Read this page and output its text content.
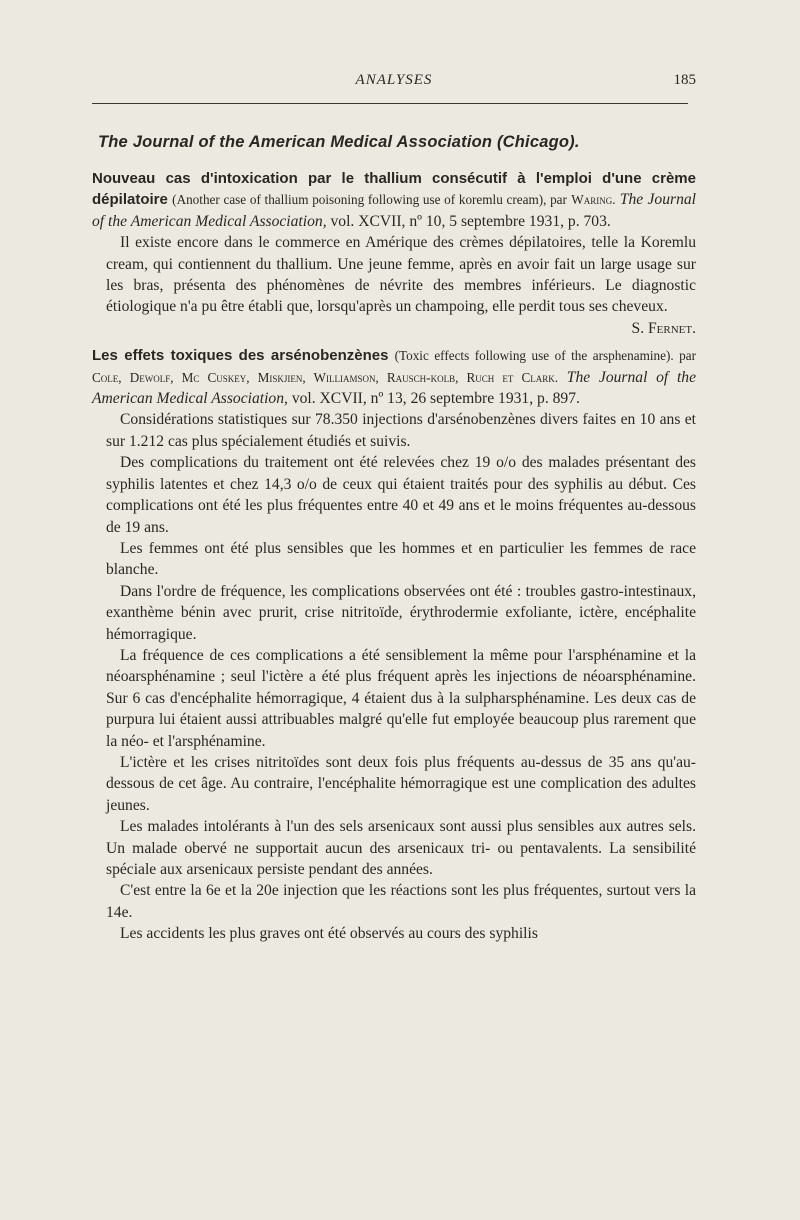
ANALYSES	185
The Journal of the American Medical Association (Chicago).

Nouveau cas d'intoxication par le thallium consécutif à l'emploi d'une crème dépilatoire (Another case of thallium poisoning following use of koremlu cream), par Waring. The Journal of the American Medical Association, vol. XCVII, nº 10, 5 septembre 1931, p. 703.

Il existe encore dans le commerce en Amérique des crèmes dépilatoires, telle la Koremlu cream, qui contiennent du thallium. Une jeune femme, après en avoir fait un large usage sur les bras, présenta des phénomènes de névrite des membres inférieurs. Le diagnostic étiologique n'a pu être établi que, lorsqu'après un champoing, elle perdit tous ses cheveux.

S. Fernet.

Les effets toxiques des arsénobenzènes (Toxic effects following use of the arsphenamine). par Cole, Dewolf, Mc Cuskey, Miskjien, Williamson, Rausch-kolb, Ruch et Clark. The Journal of the American Medical Association, vol. XCVII, nº 13, 26 septembre 1931, p. 897.

Considérations statistiques sur 78.350 injections d'arsénobenzènes divers faites en 10 ans et sur 1.212 cas plus spécialement étudiés et suivis.

Des complications du traitement ont été relevées chez 19 o/o des malades présentant des syphilis latentes et chez 14,3 o/o de ceux qui étaient traités pour des syphilis au début. Ces complications ont été les plus fréquentes entre 40 et 49 ans et le moins fréquentes au-dessous de 19 ans.

Les femmes ont été plus sensibles que les hommes et en particulier les femmes de race blanche.

Dans l'ordre de fréquence, les complications observées ont été : troubles gastro-intestinaux, exanthème bénin avec prurit, crise nitritoïde, érythrodermie exfoliante, ictère, encéphalite hémorragique.

La fréquence de ces complications a été sensiblement la même pour l'arsphénamine et la néoarsphénamine ; seul l'ictère a été plus fréquent après les injections de néoarsphénamine. Sur 6 cas d'encéphalite hémorragique, 4 étaient dus à la sulpharsphénamine. Les deux cas de purpura lui étaient aussi attribuables malgré qu'elle fut employée beaucoup plus rarement que la néo- et l'arsphénamine.

L'ictère et les crises nitritoïdes sont deux fois plus fréquents au-dessus de 35 ans qu'au-dessous de cet âge. Au contraire, l'encéphalite hémorragique est une complication des adultes jeunes.

Les malades intolérants à l'un des sels arsenicaux sont aussi plus sensibles aux autres sels. Un malade obervé ne supportait aucun des arsenicaux tri- ou pentavalents. La sensibilité spéciale aux arsenicaux persiste pendant des années.

C'est entre la 6e et la 20e injection que les réactions sont les plus fréquentes, surtout vers la 14e.

Les accidents les plus graves ont été observés au cours des syphilis
